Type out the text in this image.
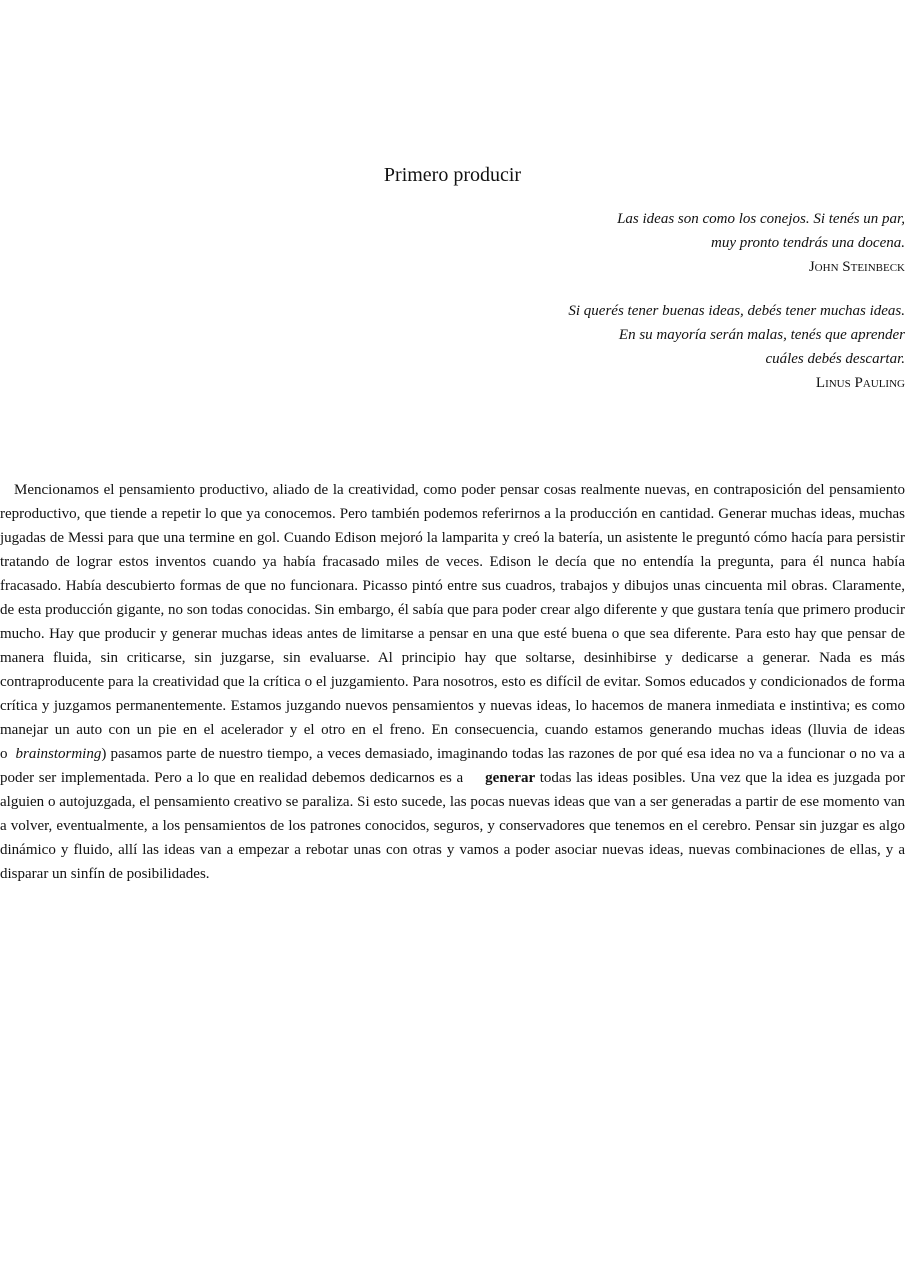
Primero producir
Las ideas son como los conejos. Si tenés un par,
muy pronto tendrás una docena.
John Steinbeck
Si querés tener buenas ideas, debés tener muchas ideas.
En su mayoría serán malas, tenés que aprender
cuáles debés descartar.
Linus Pauling

Mencionamos el pensamiento productivo, aliado de la creatividad, como poder pensar cosas realmente nuevas, en contraposición del pensamiento reproductivo, que tiende a repetir lo que ya conocemos. Pero también podemos referirnos a la producción en cantidad. Generar muchas ideas, muchas jugadas de Messi para que una termine en gol. Cuando Edison mejoró la lamparita y creó la batería, un asistente le preguntó cómo hacía para persistir tratando de lograr estos inventos cuando ya había fracasado miles de veces. Edison le decía que no entendía la pregunta, para él nunca había fracasado. Había descubierto formas de que no funcionara. Picasso pintó entre sus cuadros, trabajos y dibujos unas cincuenta mil obras. Claramente, de esta producción gigante, no son todas conocidas. Sin embargo, él sabía que para poder crear algo diferente y que gustara tenía que primero producir mucho. Hay que producir y generar muchas ideas antes de limitarse a pensar en una que esté buena o que sea diferente. Para esto hay que pensar de manera fluida, sin criticarse, sin juzgarse, sin evaluarse. Al principio hay que soltarse, desinhibirse y dedicarse a generar. Nada es más contraproducente para la creatividad que la crítica o el juzgamiento. Para nosotros, esto es difícil de evitar. Somos educados y condicionados de forma crítica y juzgamos permanentemente. Estamos juzgando nuevos pensamientos y nuevas ideas, lo hacemos de manera inmediata e instintiva; es como manejar un auto con un pie en el acelerador y el otro en el freno. En consecuencia, cuando estamos generando muchas ideas (lluvia de ideas o brainstorming) pasamos parte de nuestro tiempo, a veces demasiado, imaginando todas las razones de por qué esa idea no va a funcionar o no va a poder ser implementada. Pero a lo que en realidad debemos dedicarnos es a generar todas las ideas posibles. Una vez que la idea es juzgada por alguien o autojuzgada, el pensamiento creativo se paraliza. Si esto sucede, las pocas nuevas ideas que van a ser generadas a partir de ese momento van a volver, eventualmente, a los pensamientos de los patrones conocidos, seguros, y conservadores que tenemos en el cerebro. Pensar sin juzgar es algo dinámico y fluido, allí las ideas van a empezar a rebotar unas con otras y vamos a poder asociar nuevas ideas, nuevas combinaciones de ellas, y a disparar un sinfín de posibilidades.
